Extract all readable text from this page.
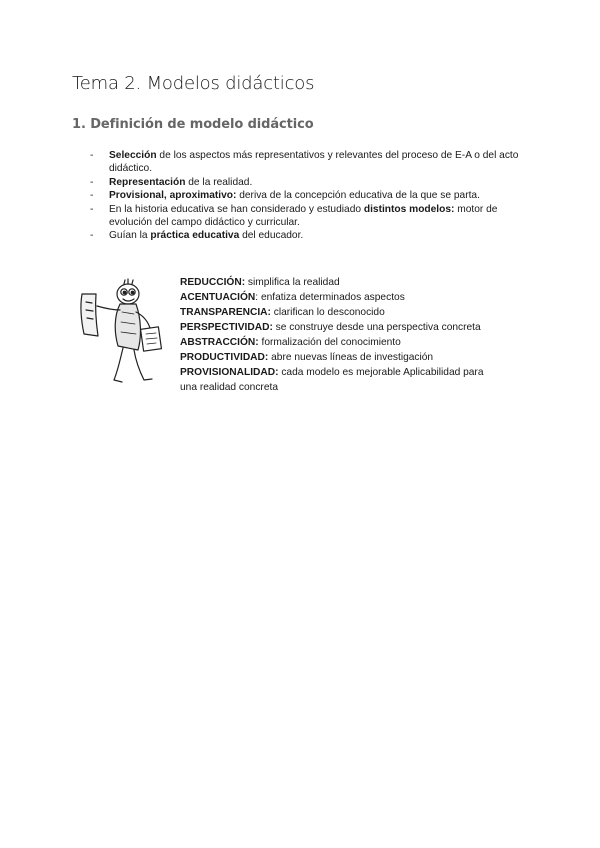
Tema 2. Modelos didácticos
1. Definición de modelo didáctico
- Selección de los aspectos más representativos y relevantes del proceso de E-A o del acto didáctico.
- Representación de la realidad.
- Provisional, aproximativo: deriva de la concepción educativa de la que se parta.
- En la historia educativa se han considerado y estudiado distintos modelos: motor de evolución del campo didáctico y curricular.
- Guían la práctica educativa del educador.
REDUCCIÓN: simplifica la realidad
ACENTUACIÓN: enfatiza determinados aspectos
TRANSPARENCIA: clarifican lo desconocido
PERSPECTIVIDAD: se construye desde una perspectiva concreta
ABSTRACCIÓN: formalización del conocimiento
PRODUCTIVIDAD: abre nuevas líneas de investigación
PROVISIONALIDAD: cada modelo es mejorable Aplicabilidad para una realidad concreta
